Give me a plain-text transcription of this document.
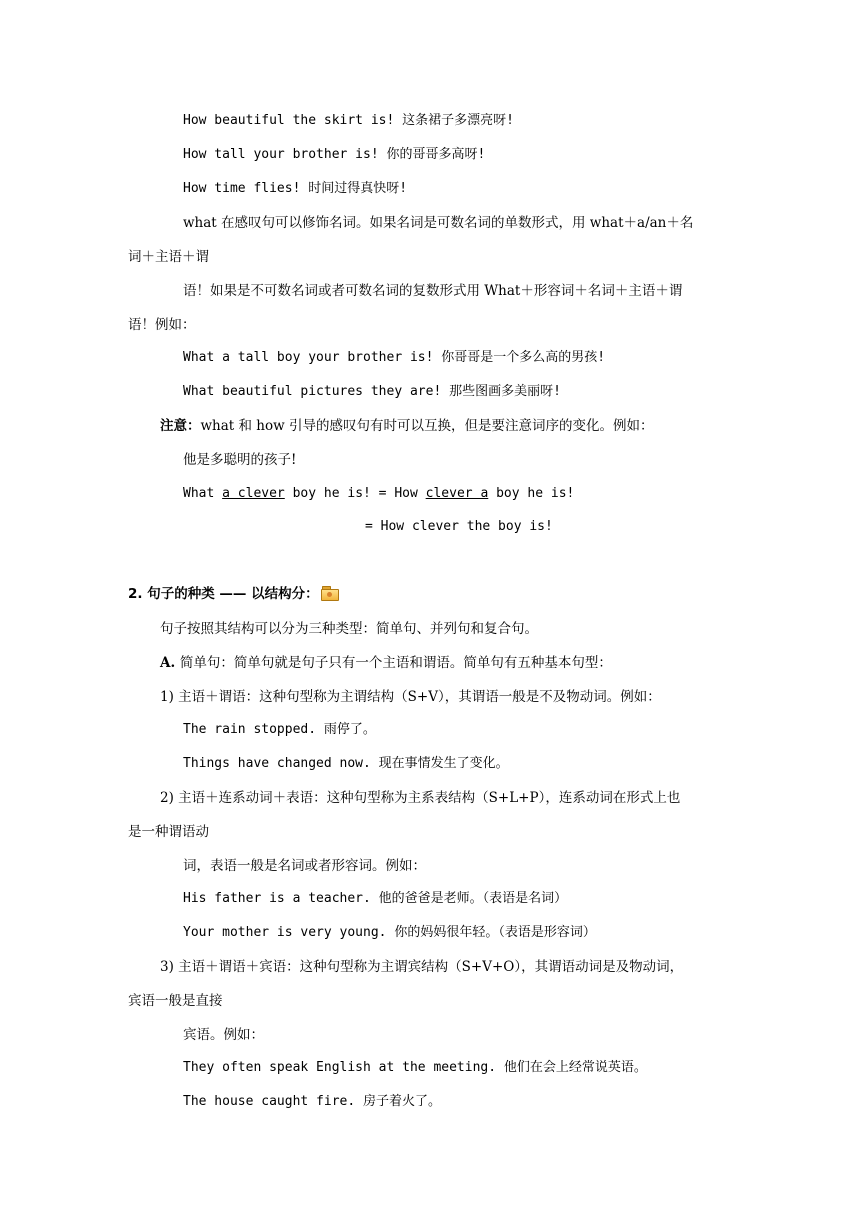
How beautiful the skirt is! 这条裙子多漂亮呀!
How tall your brother is! 你的哥哥多高呀!
How time flies! 时间过得真快呀!
what 在感叹句可以修饰名词。如果名词是可数名词的单数形式，用 what＋a/an＋名
词＋主语＋谓
语！如果是不可数名词或者可数名词的复数形式用 What＋形容词＋名词＋主语＋谓
语！例如：
What a tall boy your brother is! 你哥哥是一个多么高的男孩!
What beautiful pictures they are! 那些图画多美丽呀!
注意：what 和 how 引导的感叹句有时可以互换，但是要注意词序的变化。例如：
他是多聪明的孩子!
What a clever boy he is! = How clever a boy he is!
= How clever the boy is!
2. 句子的种类 —— 以结构分：
句子按照其结构可以分为三种类型：简单句、并列句和复合句。
A. 简单句：简单句就是句子只有一个主语和谓语。简单句有五种基本句型：
1) 主语＋谓语：这种句型称为主谓结构（S+V），其谓语一般是不及物动词。例如：
The rain stopped. 雨停了。
Things have changed now. 现在事情发生了变化。
2) 主语＋连系动词＋表语：这种句型称为主系表结构（S+L+P），连系动词在形式上也
是一种谓语动
词，表语一般是名词或者形容词。例如：
His father is a teacher. 他的爸爸是老师。（表语是名词）
Your mother is very young. 你的妈妈很年轻。（表语是形容词）
3) 主语＋谓语＋宾语：这种句型称为主谓宾结构（S+V+O），其谓语动词是及物动词，
宾语一般是直接
宾语。例如：
They often speak English at the meeting. 他们在会上经常说英语。
The house caught fire. 房子着火了。
